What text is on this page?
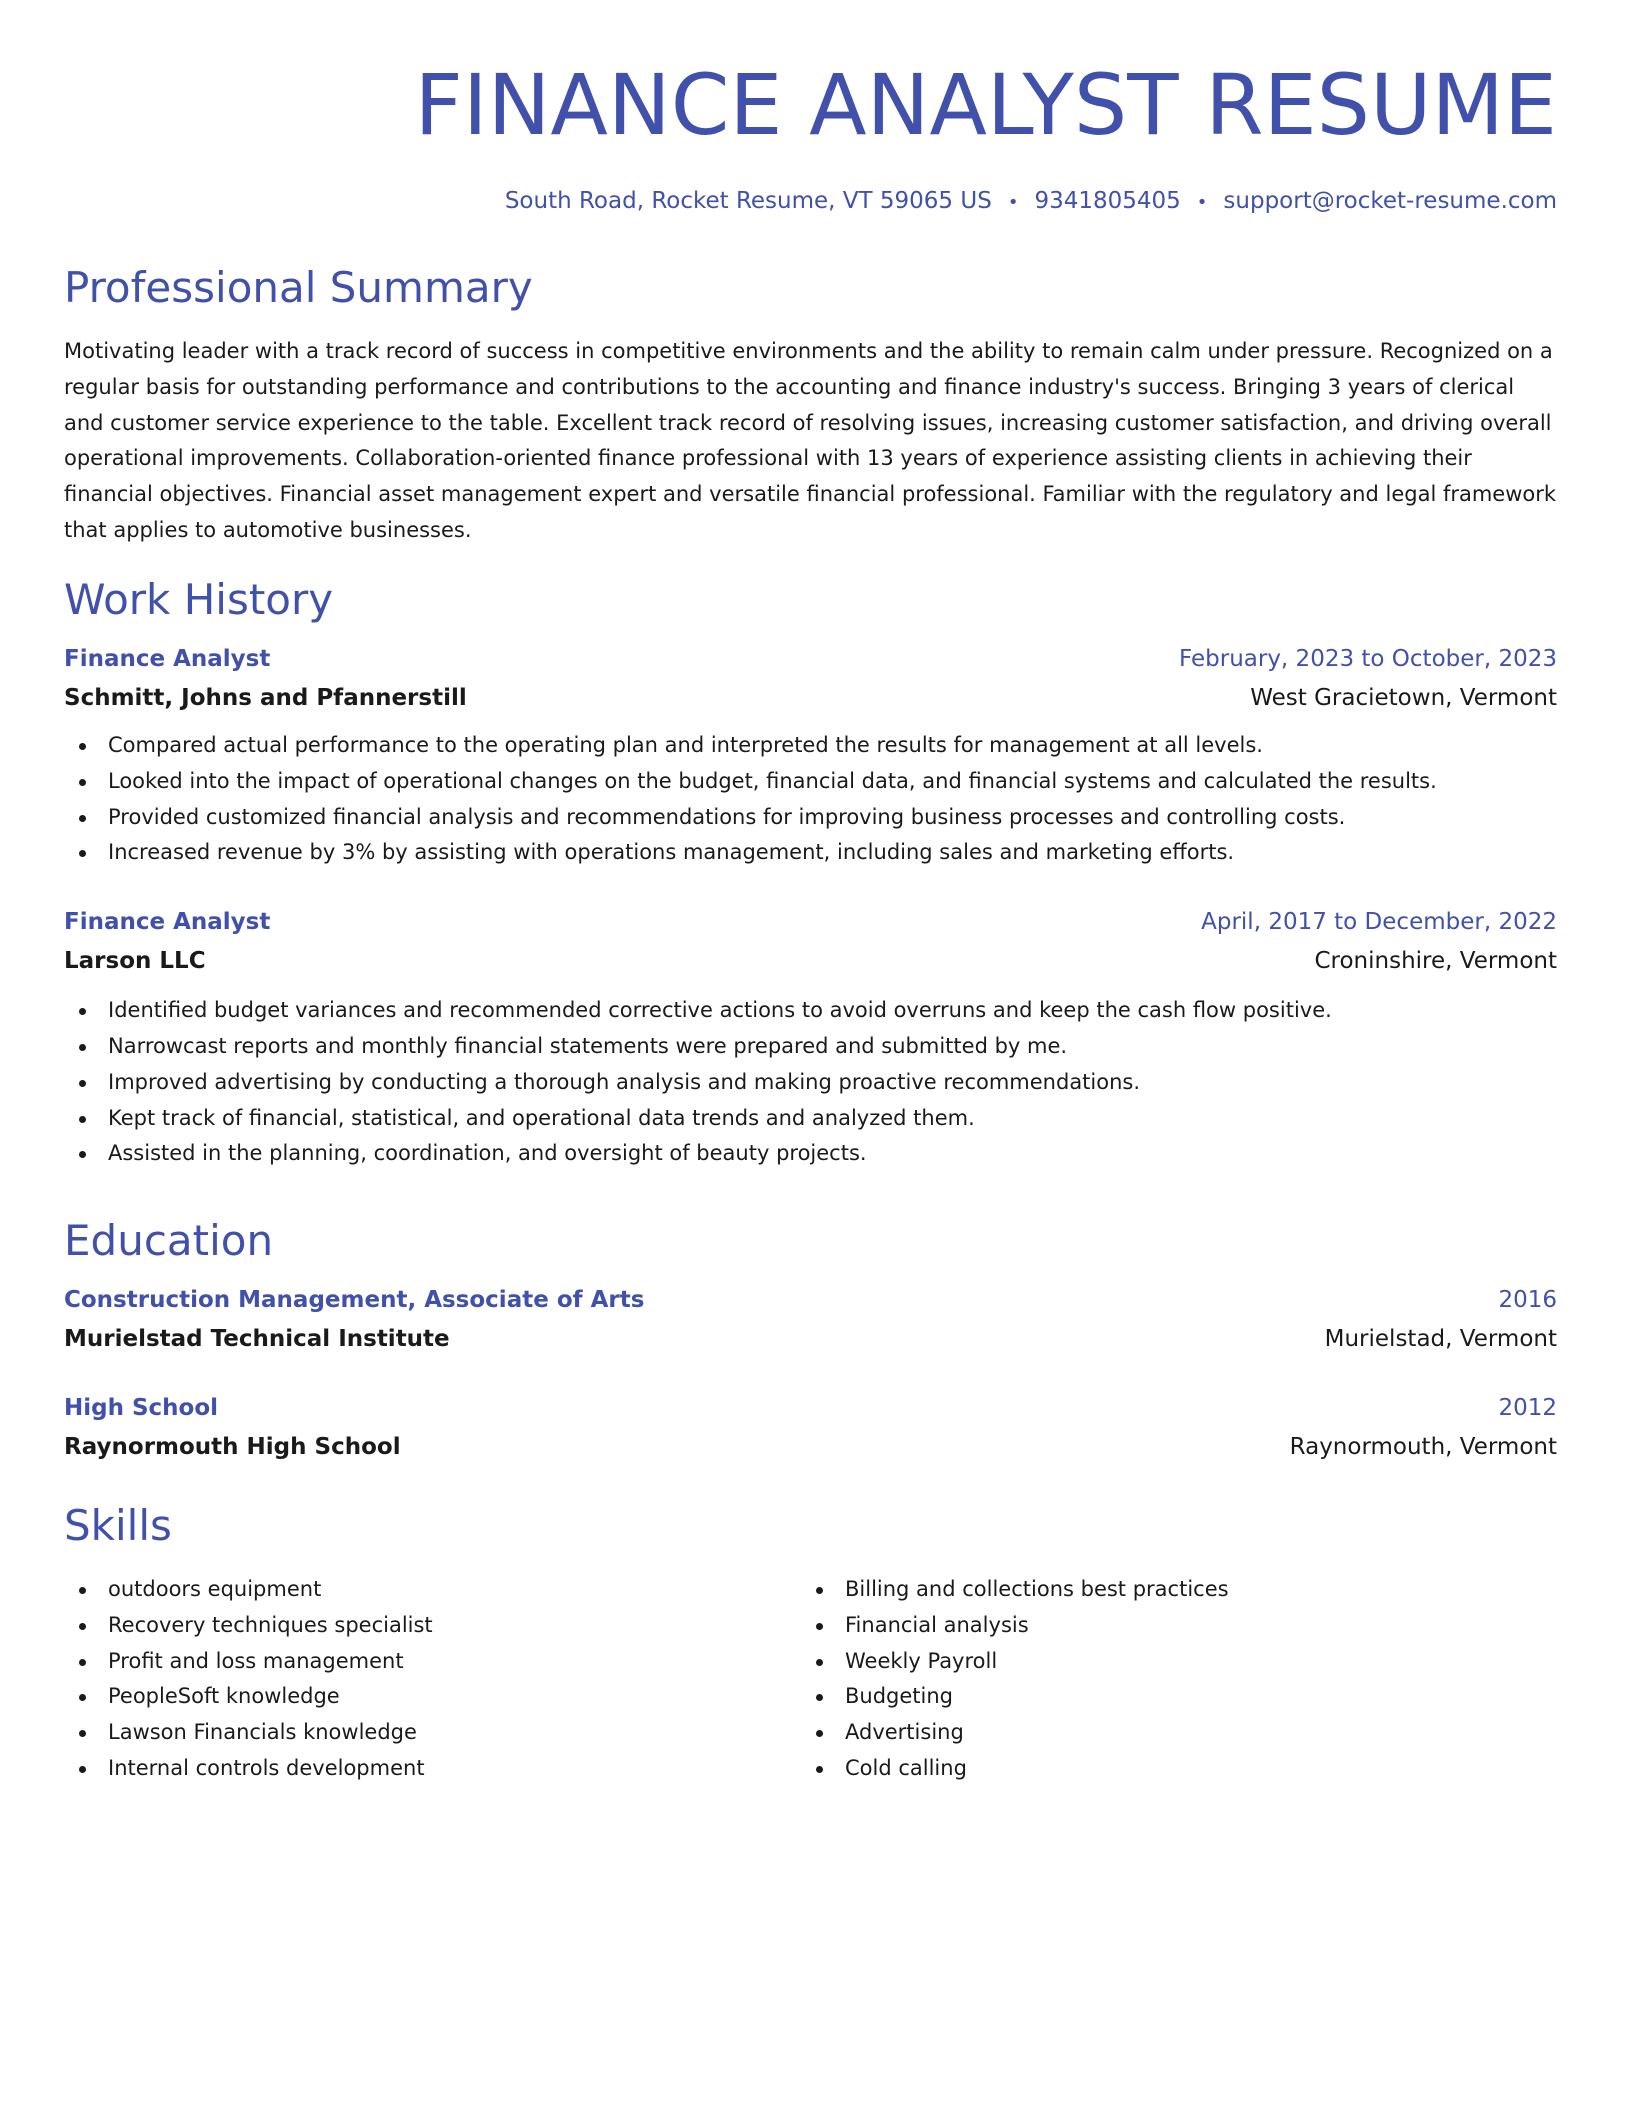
FINANCE ANALYST RESUME
South Road, Rocket Resume, VT 59065 US • 9341805405 • support@rocket-resume.com
Professional Summary
Motivating leader with a track record of success in competitive environments and the ability to remain calm under pressure. Recognized on a regular basis for outstanding performance and contributions to the accounting and finance industry's success. Bringing 3 years of clerical and customer service experience to the table. Excellent track record of resolving issues, increasing customer satisfaction, and driving overall operational improvements. Collaboration-oriented finance professional with 13 years of experience assisting clients in achieving their financial objectives. Financial asset management expert and versatile financial professional. Familiar with the regulatory and legal framework that applies to automotive businesses.
Work History
Finance Analyst	February, 2023 to October, 2023
Schmitt, Johns and Pfannerstill	West Gracietown, Vermont
Compared actual performance to the operating plan and interpreted the results for management at all levels.
Looked into the impact of operational changes on the budget, financial data, and financial systems and calculated the results.
Provided customized financial analysis and recommendations for improving business processes and controlling costs.
Increased revenue by 3% by assisting with operations management, including sales and marketing efforts.
Finance Analyst	April, 2017 to December, 2022
Larson LLC	Croninshire, Vermont
Identified budget variances and recommended corrective actions to avoid overruns and keep the cash flow positive.
Narrowcast reports and monthly financial statements were prepared and submitted by me.
Improved advertising by conducting a thorough analysis and making proactive recommendations.
Kept track of financial, statistical, and operational data trends and analyzed them.
Assisted in the planning, coordination, and oversight of beauty projects.
Education
Construction Management, Associate of Arts	2016
Murielstad Technical Institute	Murielstad, Vermont
High School	2012
Raynormouth High School	Raynormouth, Vermont
Skills
outdoors equipment
Recovery techniques specialist
Profit and loss management
PeopleSoft knowledge
Lawson Financials knowledge
Internal controls development
Billing and collections best practices
Financial analysis
Weekly Payroll
Budgeting
Advertising
Cold calling
